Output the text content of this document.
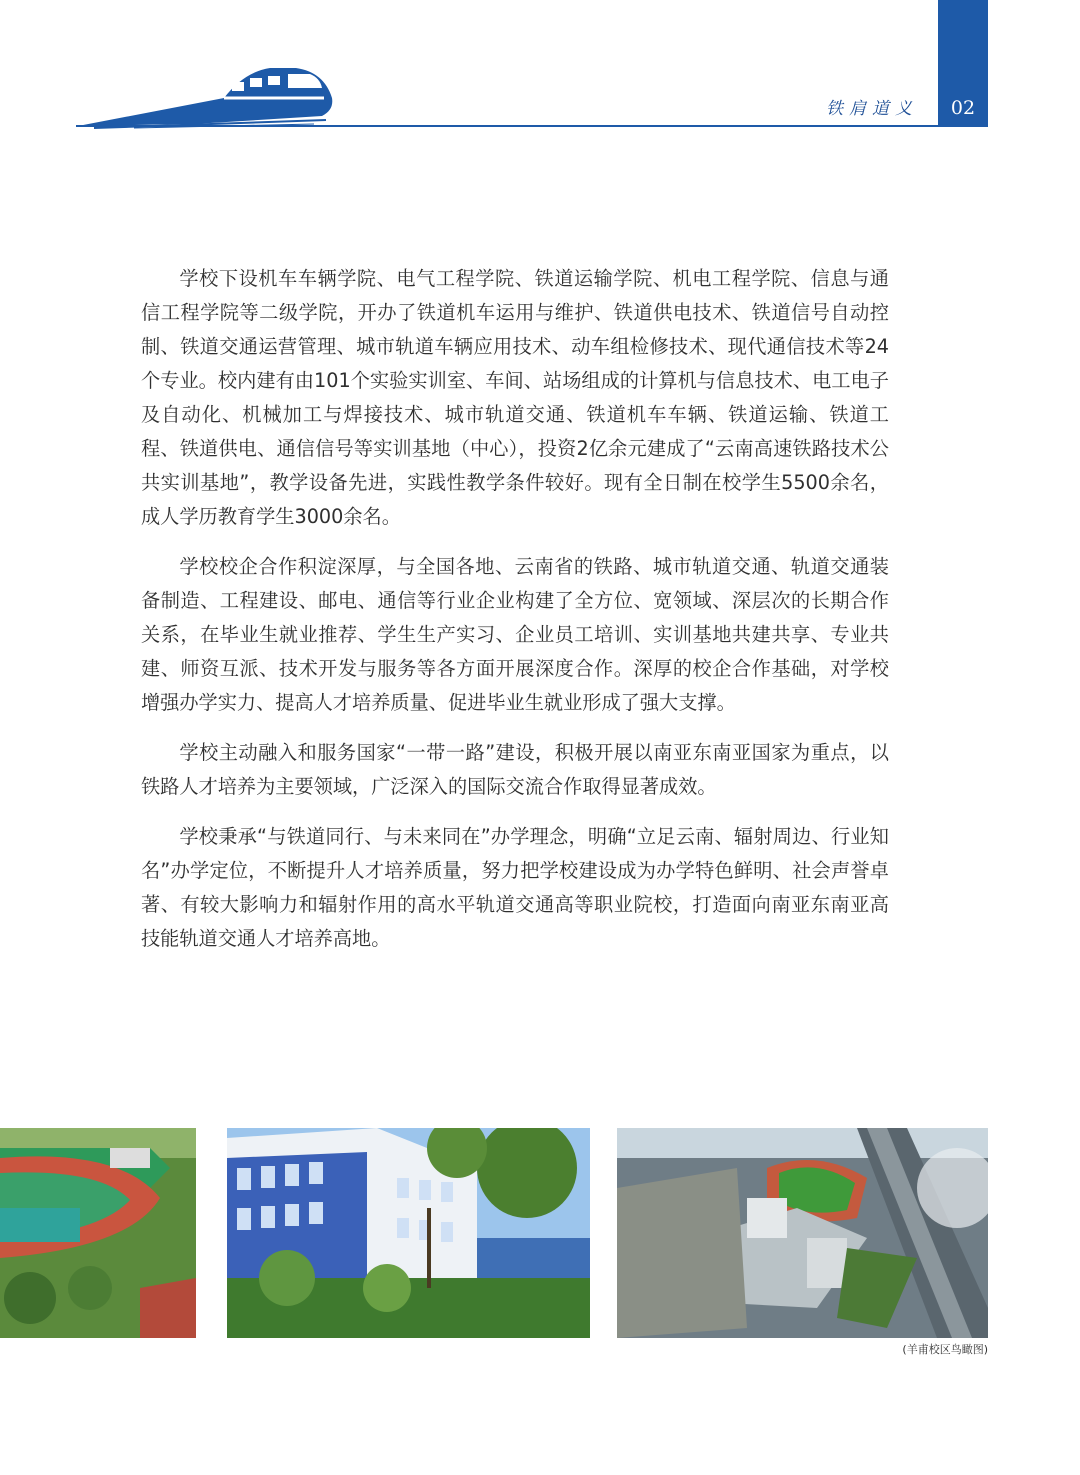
铁肩道义	02

学校下设机车车辆学院、电气工程学院、铁道运输学院、机电工程学院、信息与通信工程学院等二级学院，开办了铁道机车运用与维护、铁道供电技术、铁道信号自动控制、铁道交通运营管理、城市轨道车辆应用技术、动车组检修技术、现代通信技术等24个专业。校内建有由101个实验实训室、车间、站场组成的计算机与信息技术、电工电子及自动化、机械加工与焊接技术、城市轨道交通、铁道机车车辆、铁道运输、铁道工程、铁道供电、通信信号等实训基地（中心），投资2亿余元建成了“云南高速铁路技术公共实训基地”，教学设备先进，实践性教学条件较好。现有全日制在校学生5500余名，成人学历教育学生3000余名。

学校校企合作积淀深厚，与全国各地、云南省的铁路、城市轨道交通、轨道交通装备制造、工程建设、邮电、通信等行业企业构建了全方位、宽领域、深层次的长期合作关系，在毕业生就业推荐、学生生产实习、企业员工培训、实训基地共建共享、专业共建、师资互派、技术开发与服务等各方面开展深度合作。深厚的校企合作基础，对学校增强办学实力、提高人才培养质量、促进毕业生就业形成了强大支撑。

学校主动融入和服务国家“一带一路”建设，积极开展以南亚东南亚国家为重点，以铁路人才培养为主要领域，广泛深入的国际交流合作取得显著成效。

学校秉承“与铁道同行、与未来同在”办学理念，明确“立足云南、辐射周边、行业知名”办学定位，不断提升人才培养质量，努力把学校建设成为办学特色鲜明、社会声誉卓著、有较大影响力和辐射作用的高水平轨道交通高等职业院校，打造面向南亚东南亚高技能轨道交通人才培养高地。

(羊甫校区鸟瞰图)
